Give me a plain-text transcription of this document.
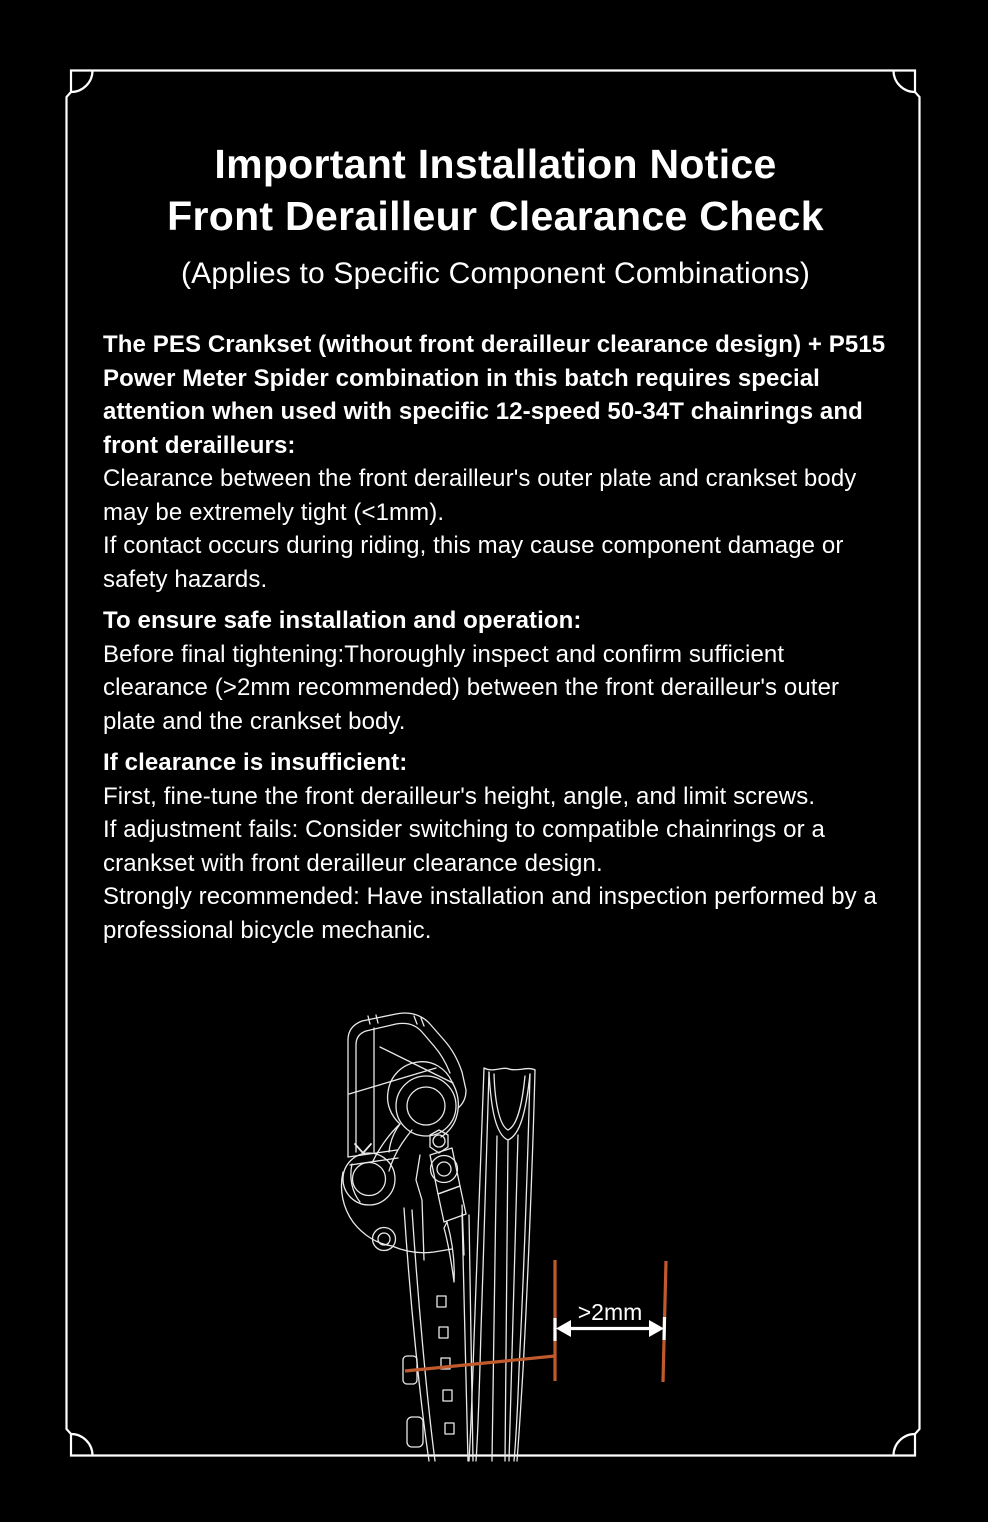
>2mm
Important Installation Notice
Front Derailleur Clearance Check
(Applies to Specific Component Combinations)

The PES Crankset (without front derailleur clearance design) + P515 Power Meter Spider combination in this batch requires special attention when used with specific 12-speed 50-34T chainrings and front derailleurs:

Clearance between the front derailleur's outer plate and crankset body may be extremely tight (<1mm).

If contact occurs during riding, this may cause component damage or safety hazards.

To ensure safe installation and operation:

Before final tightening:Thoroughly inspect and confirm sufficient clearance (>2mm recommended) between the front derailleur's outer plate and the crankset body.

If clearance is insufficient:

First, fine-tune the front derailleur's height, angle, and limit screws.

If adjustment fails: Consider switching to compatible chainrings or a crankset with front derailleur clearance design.

Strongly recommended: Have installation and inspection performed by a professional bicycle mechanic.
